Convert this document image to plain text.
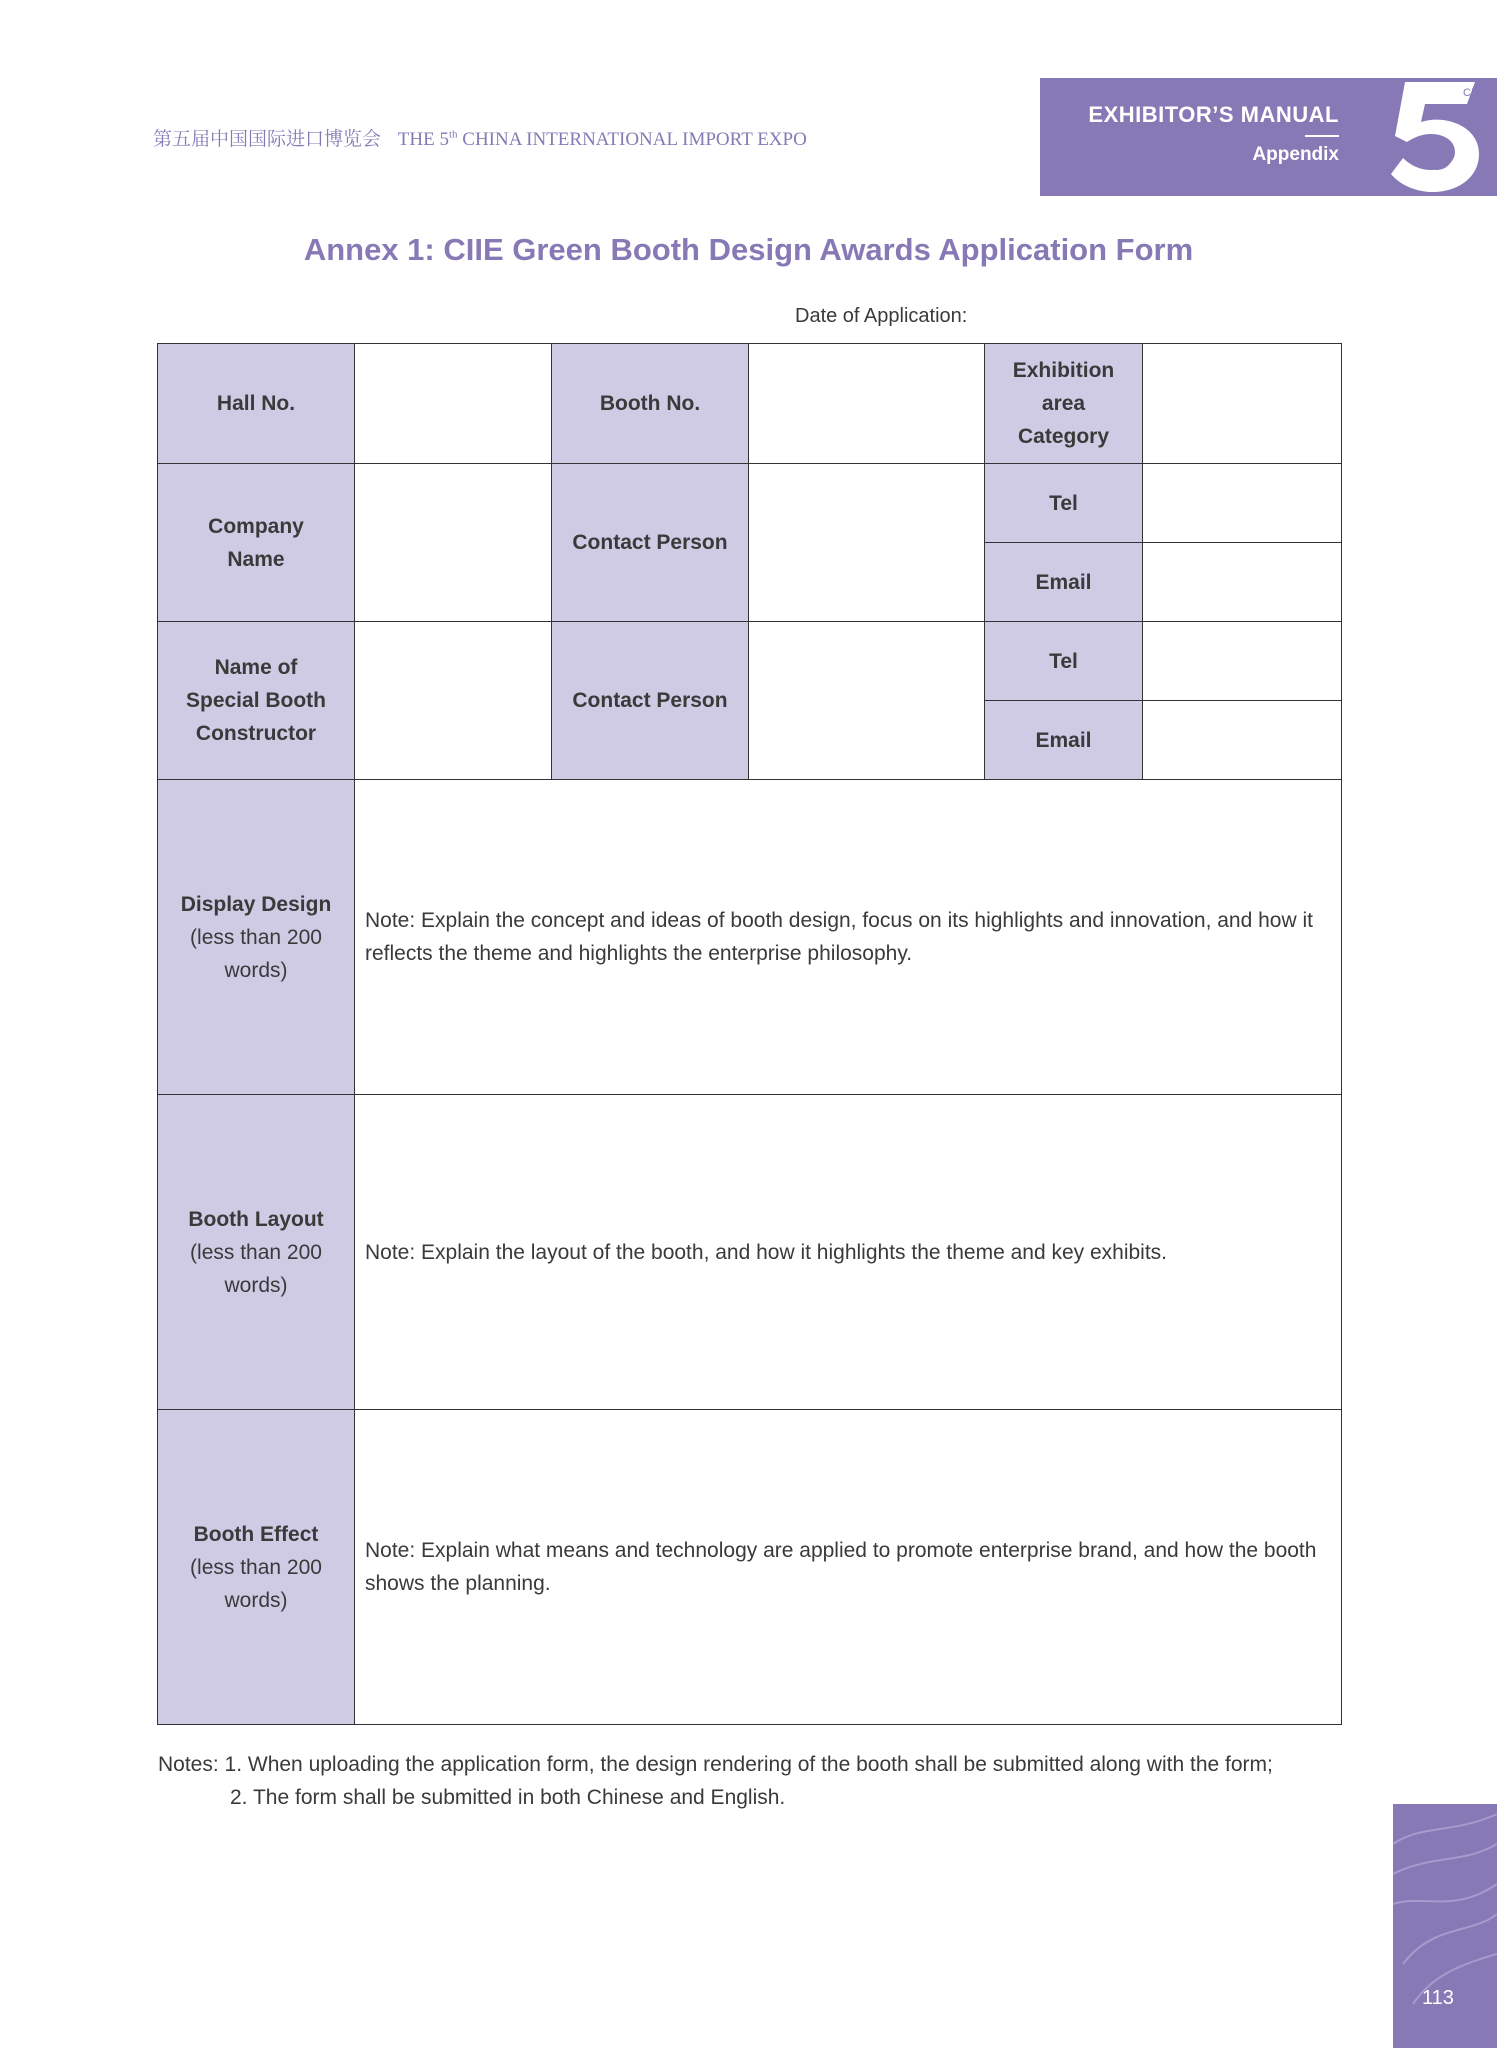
第五届中国国际进口博览会 THE 5th CHINA INTERNATIONAL IMPORT EXPO
EXHIBITOR’S MANUAL
Appendix
CIIE
Annex 1: CIIE Green Booth Design Awards Application Form
Date of Application:
Hall No.		Booth No.		Exhibition
area
Category	

Company
Name		Contact Person		Tel	
				Email	

Name of
Special Booth
Constructor		Contact Person		Tel	
				Email	

Display Design
(less than 200 words)	Note: Explain the concept and ideas of booth design, focus on its highlights and innovation, and how it reflects the theme and highlights the enterprise philosophy.				

Booth Layout
(less than 200 words)	Note: Explain the layout of the booth, and how it highlights the theme and key exhibits.				

Booth Effect
(less than 200 words)	Note: Explain what means and technology are applied to promote enterprise brand, and how the booth shows the planning.				
Notes: 1. When uploading the application form, the design rendering of the booth shall be submitted along with the form;
2. The form shall be submitted in both Chinese and English.
113
